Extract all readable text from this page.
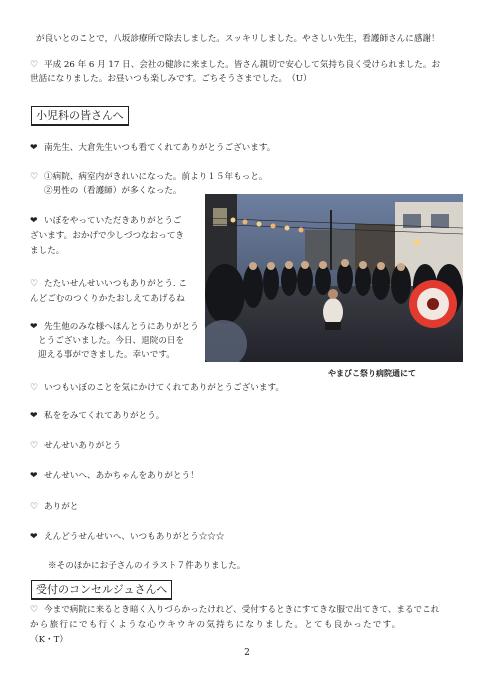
が良いとのことで，八坂診療所で除去しました。スッキリしました。やさしい先生，看護師さんに感謝！
♡ 平成 26 年 6 月 17 日、会社の健診に来ました。皆さん親切で安心して気持ち良く受けられました。お
世話になりました。お昼いつも楽しみです。ごちそうさまでした。　（U）
小児科の皆さんへ
❤ 南先生、大倉先生いつも看てくれてありがとうございます。
♡ ①病院、病室内がきれいになった。前より１５年もっと。
②男性の（看護師）が多くなった。
❤ いぼをやっていただきありがとうご
ざいます。おかげで少しづつなおってき
ました。
♡ たたいせんせいいつもありがとう. こ
んどごむのつくりかたおしえてあげるね
❤ 先生他のみな様へほんとうにありがとう
とうございました。今日、退院の日を
迎える事ができました。幸いです。
やまびこ祭り病院通にて
♡ いつもいぼのことを気にかけてくれてありがとうございます。
❤ 私ををみてくれてありがとう。
♡ せんせいありがとう
❤ せんせいへ、あかちゃんをありがとう！
♡ ありがと
❤ えんどうせんせいへ、いつもありがとう☆☆☆
※そのほかにお子さんのイラスト７件ありました。
受付のコンセルジュさんへ
♡ 今まで病院に来るとき暗く入りづらかったけれど、受付するときにすてきな服で出てきて、まるでこれ
から旅行にでも行くような心ウキウキの気持ちになりました。とても良かったです。
（K・T）
2
